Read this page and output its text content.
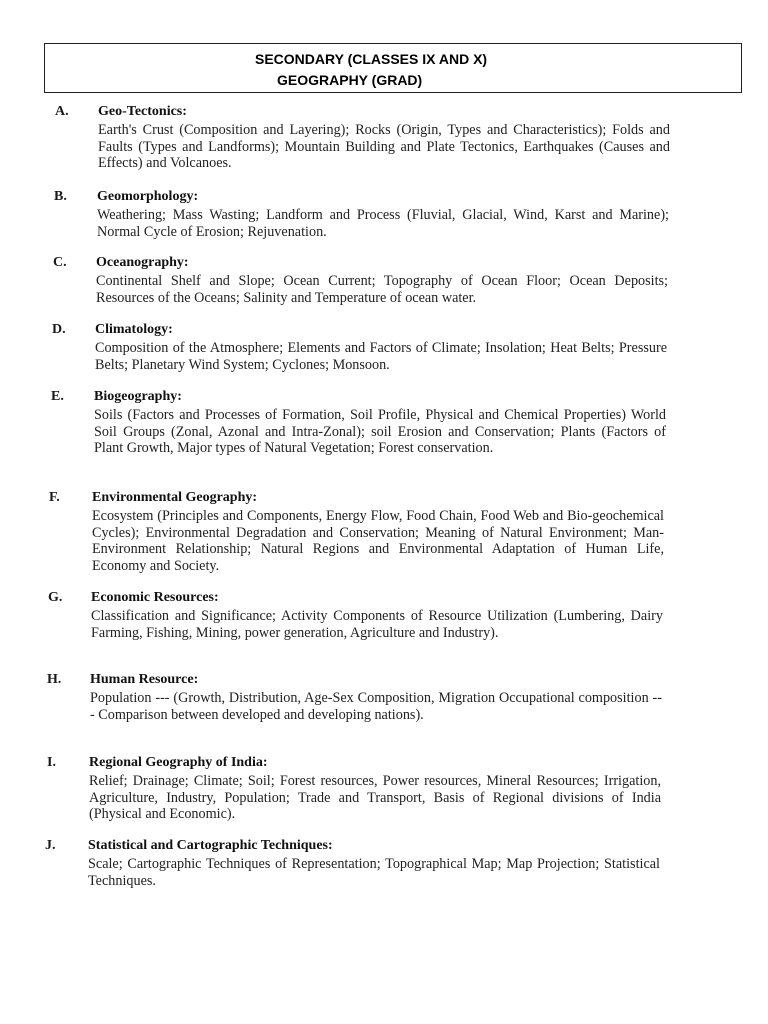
SECONDARY (CLASSES IX AND X)
GEOGRAPHY (GRAD)
A. Geo-Tectonics:
Earth's Crust (Composition and Layering); Rocks (Origin, Types and Characteristics); Folds and Faults (Types and Landforms); Mountain Building and Plate Tectonics, Earthquakes (Causes and Effects) and Volcanoes.
B. Geomorphology:
Weathering; Mass Wasting; Landform and Process (Fluvial, Glacial, Wind, Karst and Marine); Normal Cycle of Erosion; Rejuvenation.
C. Oceanography:
Continental Shelf and Slope; Ocean Current; Topography of Ocean Floor; Ocean Deposits; Resources of the Oceans; Salinity and Temperature of ocean water.
D. Climatology:
Composition of the Atmosphere; Elements and Factors of Climate; Insolation; Heat Belts; Pressure Belts; Planetary Wind System; Cyclones; Monsoon.
E. Biogeography:
Soils (Factors and Processes of Formation, Soil Profile, Physical and Chemical Properties) World Soil Groups (Zonal, Azonal and Intra-Zonal); soil Erosion and Conservation; Plants (Factors of Plant Growth, Major types of Natural Vegetation; Forest conservation.
F. Environmental Geography:
Ecosystem (Principles and Components, Energy Flow, Food Chain, Food Web and Bio-geochemical Cycles); Environmental Degradation and Conservation; Meaning of Natural Environment; Man-Environment Relationship; Natural Regions and Environmental Adaptation of Human Life, Economy and Society.
G. Economic Resources:
Classification and Significance; Activity Components of Resource Utilization (Lumbering, Dairy Farming, Fishing, Mining, power generation, Agriculture and Industry).
H. Human Resource:
Population --- (Growth, Distribution, Age-Sex Composition, Migration Occupational composition --- Comparison between developed and developing nations).
I. Regional Geography of India:
Relief; Drainage; Climate; Soil; Forest resources, Power resources, Mineral Resources; Irrigation, Agriculture, Industry, Population; Trade and Transport, Basis of Regional divisions of India (Physical and Economic).
J. Statistical and Cartographic Techniques:
Scale; Cartographic Techniques of Representation; Topographical Map; Map Projection; Statistical Techniques.
